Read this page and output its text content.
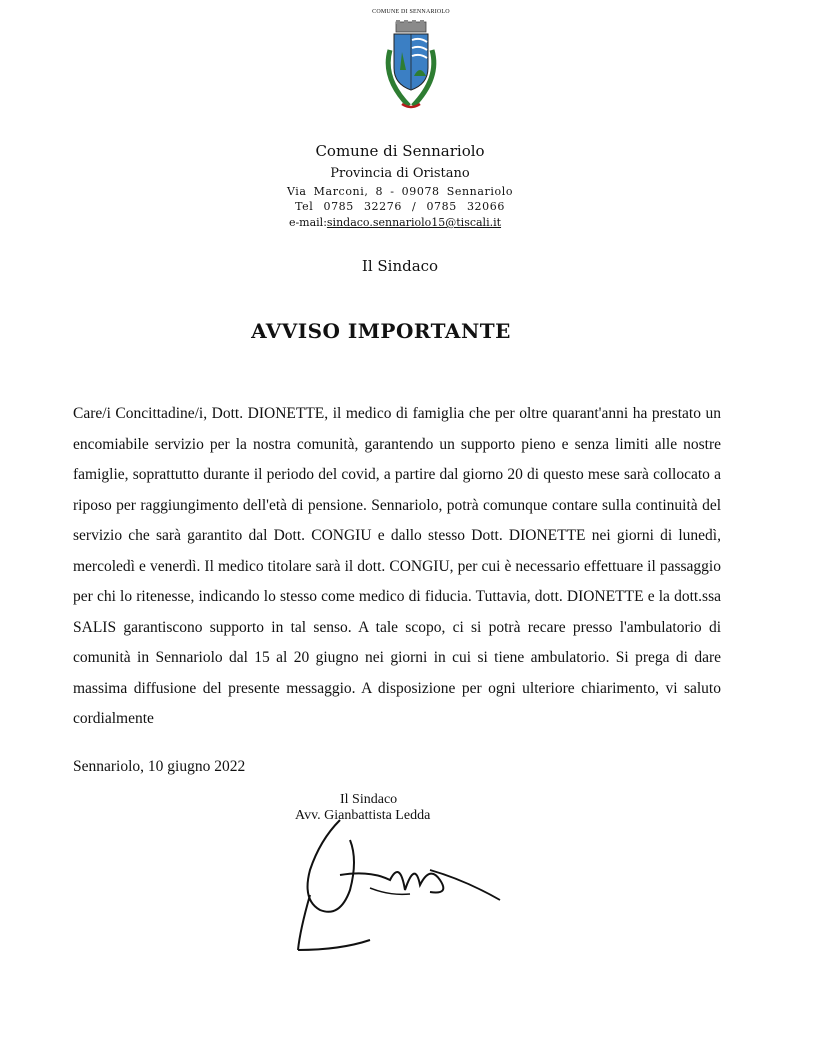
COMUNE DI SENNARIOLO
Comune di Sennariolo
Provincia di Oristano
Via Marconi, 8 - 09078 Sennariolo
Tel 0785 32276 / 0785 32066
e-mail:sindaco.sennariolo15@tiscali.it
Il Sindaco
AVVISO IMPORTANTE
Care/i Concittadine/i, Dott. DIONETTE, il medico di famiglia che per oltre quarant'anni ha prestato un encomiabile servizio per la nostra comunità, garantendo un supporto pieno e senza limiti alle nostre famiglie, soprattutto durante il periodo del covid, a partire dal giorno 20 di questo mese sarà collocato a riposo per raggiungimento dell'età di pensione. Sennariolo, potrà comunque contare sulla continuità del servizio che sarà garantito dal Dott. CONGIU e dallo stesso Dott. DIONETTE nei giorni di lunedì, mercoledì e venerdì. Il medico titolare sarà il dott. CONGIU, per cui è necessario effettuare il passaggio per chi lo ritenesse, indicando lo stesso come medico di fiducia. Tuttavia, dott. DIONETTE e la dott.ssa SALIS garantiscono supporto in tal senso. A tale scopo, ci si potrà recare presso l'ambulatorio di comunità in Sennariolo dal 15 al 20 giugno nei giorni in cui si tiene ambulatorio. Si prega di dare massima diffusione del presente messaggio. A disposizione per ogni ulteriore chiarimento, vi saluto cordialmente
Sennariolo, 10 giugno 2022
Il Sindaco
Avv. Gianbattista Ledda
